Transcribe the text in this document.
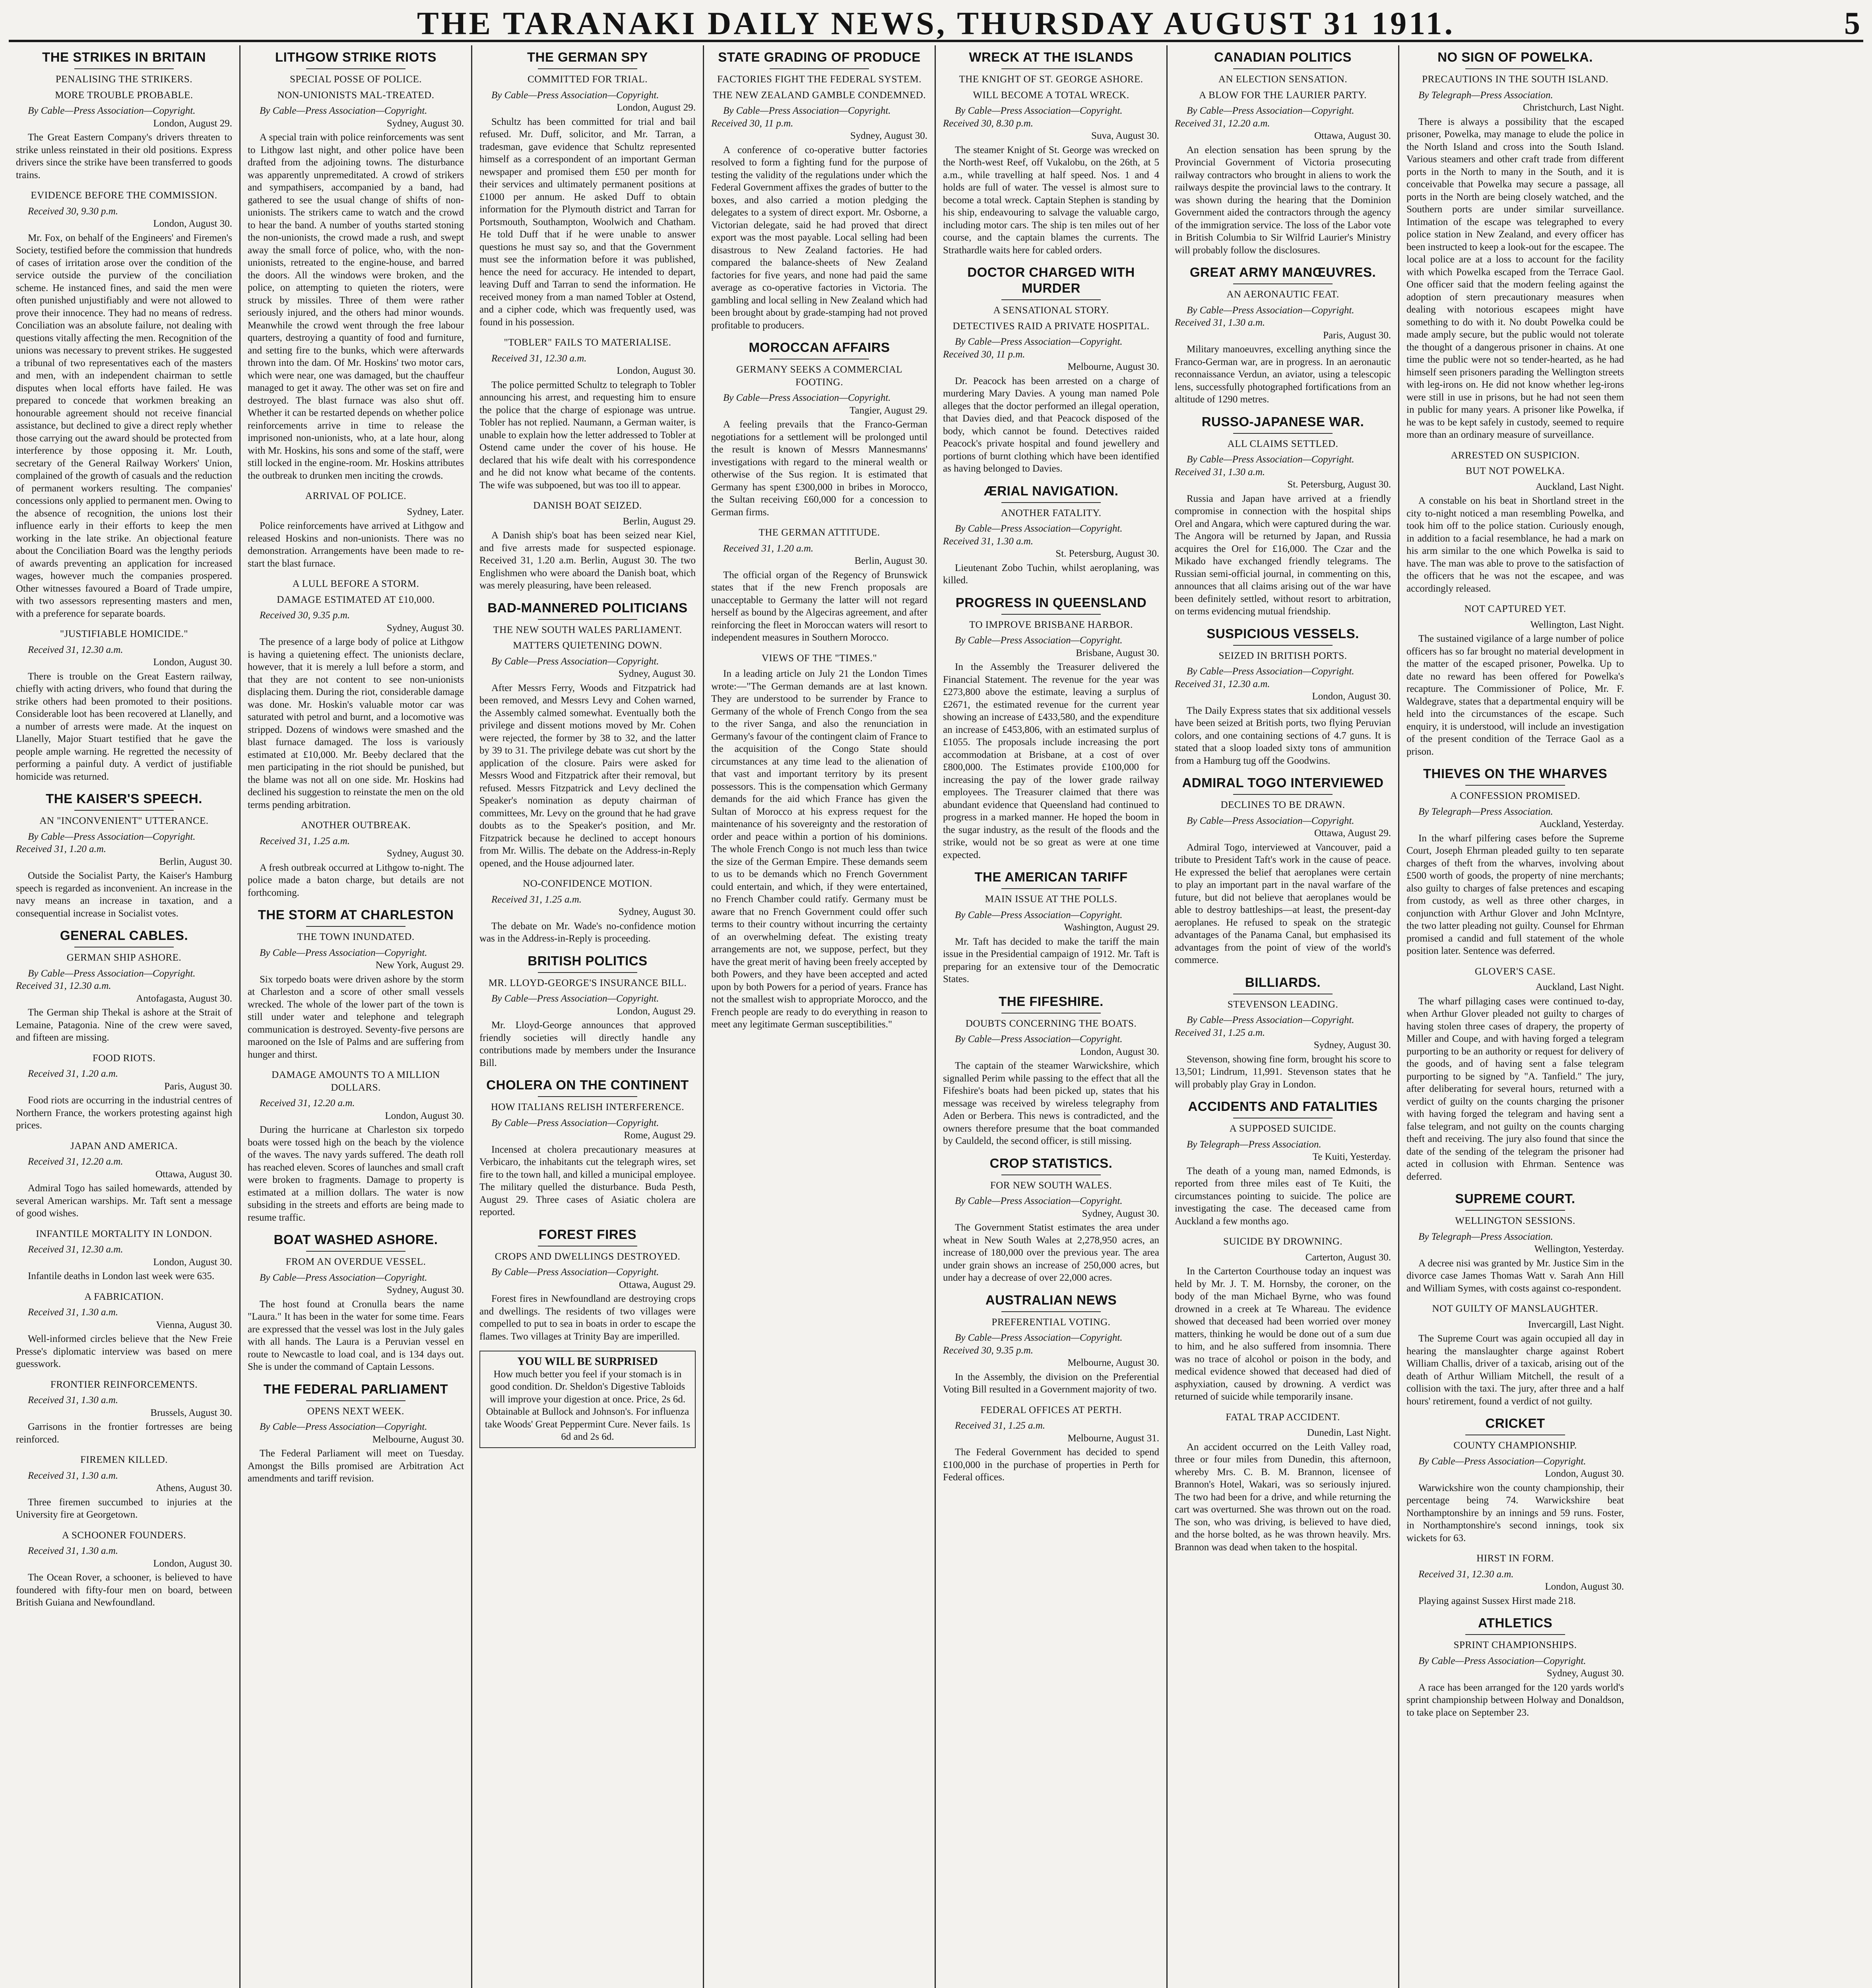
THE TARANAKI DAILY NEWS, THURSDAY AUGUST 31 1911.	5
THE STRIKES IN BRITAIN
PENALISING THE STRIKERS.
MORE TROUBLE PROBABLE.

By Cable—Press Association—Copyright.

London, August 29.

The Great Eastern Company's drivers threaten to strike unless reinstated in their old positions. Express drivers since the strike have been transferred to goods trains.

EVIDENCE BEFORE THE COMMISSION.

Received 30, 9.30 p.m.

London, August 30.

Mr. Fox, on behalf of the Engineers' and Firemen's Society, testified before the commission that hundreds of cases of irritation arose over the condition of the service outside the purview of the conciliation scheme. He instanced fines, and said the men were often punished unjustifiably and were not allowed to prove their innocence. They had no means of redress. Conciliation was an absolute failure, not dealing with questions vitally affecting the men. Recognition of the unions was necessary to prevent strikes. He suggested a tribunal of two representatives each of the masters and men, with an independent chairman to settle disputes when local efforts have failed. He was prepared to concede that workmen breaking an honourable agreement should not receive financial assistance, but declined to give a direct reply whether those carrying out the award should be protected from interference by those opposing it. Mr. Louth, secretary of the General Railway Workers' Union, complained of the growth of casuals and the reduction of permanent workers resulting. The companies' concessions only applied to permanent men. Owing to the absence of recognition, the unions lost their influence early in their efforts to keep the men working in the late strike. An objectional feature about the Conciliation Board was the lengthy periods of awards preventing an application for increased wages, however much the companies prospered. Other witnesses favoured a Board of Trade umpire, with two assessors representing masters and men, with a preference for separate boards.

"JUSTIFIABLE HOMICIDE."

Received 31, 12.30 a.m.

London, August 30.

There is trouble on the Great Eastern railway, chiefly with acting drivers, who found that during the strike others had been promoted to their positions. Considerable loot has been recovered at Llanelly, and a number of arrests were made. At the inquest on Llanelly, Major Stuart testified that he gave the people ample warning. He regretted the necessity of performing a painful duty. A verdict of justifiable homicide was returned.

THE KAISER'S SPEECH.
AN "INCONVENIENT" UTTERANCE.

By Cable—Press Association—Copyright. Received 31, 1.20 a.m.

Berlin, August 30.

Outside the Socialist Party, the Kaiser's Hamburg speech is regarded as inconvenient. An increase in the navy means an increase in taxation, and a consequential increase in Socialist votes.

GENERAL CABLES.
GERMAN SHIP ASHORE.

By Cable—Press Association—Copyright. Received 31, 12.30 a.m.

Antofagasta, August 30.

The German ship Thekal is ashore at the Strait of Lemaine, Patagonia. Nine of the crew were saved, and fifteen are missing.

FOOD RIOTS.

Received 31, 1.20 a.m.

Paris, August 30.

Food riots are occurring in the industrial centres of Northern France, the workers protesting against high prices.

JAPAN AND AMERICA.

Received 31, 12.20 a.m.

Ottawa, August 30.

Admiral Togo has sailed homewards, attended by several American warships. Mr. Taft sent a message of good wishes.

INFANTILE MORTALITY IN LONDON.

Received 31, 12.30 a.m.

London, August 30.

Infantile deaths in London last week were 635.

A FABRICATION.

Received 31, 1.30 a.m.

Vienna, August 30.

Well-informed circles believe that the New Freie Presse's diplomatic interview was based on mere guesswork.

FRONTIER REINFORCEMENTS.

Received 31, 1.30 a.m.

Brussels, August 30.

Garrisons in the frontier fortresses are being reinforced.

FIREMEN KILLED.

Received 31, 1.30 a.m.

Athens, August 30.

Three firemen succumbed to injuries at the University fire at Georgetown.

A SCHOONER FOUNDERS.

Received 31, 1.30 a.m.

London, August 30.

The Ocean Rover, a schooner, is believed to have foundered with fifty-four men on board, between British Guiana and Newfoundland.

LITHGOW STRIKE RIOTS
SPECIAL POSSE OF POLICE.
NON-UNIONISTS MAL-TREATED.

By Cable—Press Association—Copyright.

Sydney, August 30.

A special train with police reinforcements was sent to Lithgow last night, and other police have been drafted from the adjoining towns. The disturbance was apparently unpremeditated. A crowd of strikers and sympathisers, accompanied by a band, had gathered to see the usual change of shifts of non-unionists. The strikers came to watch and the crowd to hear the band. A number of youths started stoning the non-unionists, the crowd made a rush, and swept away the small force of police, who, with the non-unionists, retreated to the engine-house, and barred the doors. All the windows were broken, and the police, on attempting to quieten the rioters, were struck by missiles. Three of them were rather seriously injured, and the others had minor wounds. Meanwhile the crowd went through the free labour quarters, destroying a quantity of food and furniture, and setting fire to the bunks, which were afterwards thrown into the dam. Of Mr. Hoskins' two motor cars, which were near, one was damaged, but the chauffeur managed to get it away. The other was set on fire and destroyed. The blast furnace was also shut off. Whether it can be restarted depends on whether police reinforcements arrive in time to release the imprisoned non-unionists, who, at a late hour, along with Mr. Hoskins, his sons and some of the staff, were still locked in the engine-room. Mr. Hoskins attributes the outbreak to drunken men inciting the crowds.

ARRIVAL OF POLICE.

Sydney, Later.

Police reinforcements have arrived at Lithgow and released Hoskins and non-unionists. There was no demonstration. Arrangements have been made to re-start the blast furnace.

A LULL BEFORE A STORM.
DAMAGE ESTIMATED AT £10,000.

Received 30, 9.35 p.m.

Sydney, August 30.

The presence of a large body of police at Lithgow is having a quietening effect. The unionists declare, however, that it is merely a lull before a storm, and that they are not content to see non-unionists displacing them. During the riot, considerable damage was done. Mr. Hoskin's valuable motor car was saturated with petrol and burnt, and a locomotive was stripped. Dozens of windows were smashed and the blast furnace damaged. The loss is variously estimated at £10,000. Mr. Beeby declared that the men participating in the riot should be punished, but the blame was not all on one side. Mr. Hoskins had declined his suggestion to reinstate the men on the old terms pending arbitration.

ANOTHER OUTBREAK.

Received 31, 1.25 a.m.

Sydney, August 30.

A fresh outbreak occurred at Lithgow to-night. The police made a baton charge, but details are not forthcoming.

THE STORM AT CHARLESTON
THE TOWN INUNDATED.

By Cable—Press Association—Copyright.

New York, August 29.

Six torpedo boats were driven ashore by the storm at Charleston and a score of other small vessels wrecked. The whole of the lower part of the town is still under water and telephone and telegraph communication is destroyed. Seventy-five persons are marooned on the Isle of Palms and are suffering from hunger and thirst.

DAMAGE AMOUNTS TO A MILLION DOLLARS.

Received 31, 12.20 a.m.

London, August 30.

During the hurricane at Charleston six torpedo boats were tossed high on the beach by the violence of the waves. The navy yards suffered. The death roll has reached eleven. Scores of launches and small craft were broken to fragments. Damage to property is estimated at a million dollars. The water is now subsiding in the streets and efforts are being made to resume traffic.

BOAT WASHED ASHORE.
FROM AN OVERDUE VESSEL.

By Cable—Press Association—Copyright.

Sydney, August 30.

The host found at Cronulla bears the name "Laura." It has been in the water for some time. Fears are expressed that the vessel was lost in the July gales with all hands. The Laura is a Peruvian vessel en route to Newcastle to load coal, and is 134 days out. She is under the command of Captain Lessons.

THE FEDERAL PARLIAMENT
OPENS NEXT WEEK.

By Cable—Press Association—Copyright.

Melbourne, August 30.

The Federal Parliament will meet on Tuesday. Amongst the Bills promised are Arbitration Act amendments and tariff revision.

THE GERMAN SPY
COMMITTED FOR TRIAL.

By Cable—Press Association—Copyright.

London, August 29.

Schultz has been committed for trial and bail refused. Mr. Duff, solicitor, and Mr. Tarran, a tradesman, gave evidence that Schultz represented himself as a correspondent of an important German newspaper and promised them £50 per month for their services and ultimately permanent positions at £1000 per annum. He asked Duff to obtain information for the Plymouth district and Tarran for Portsmouth, Southampton, Woolwich and Chatham. He told Duff that if he were unable to answer questions he must say so, and that the Government must see the information before it was published, hence the need for accuracy. He intended to depart, leaving Duff and Tarran to send the information. He received money from a man named Tobler at Ostend, and a cipher code, which was frequently used, was found in his possession.

"TOBLER" FAILS TO MATERIALISE.

Received 31, 12.30 a.m.

London, August 30.

The police permitted Schultz to telegraph to Tobler announcing his arrest, and requesting him to ensure the police that the charge of espionage was untrue. Tobler has not replied. Naumann, a German waiter, is unable to explain how the letter addressed to Tobler at Ostend came under the cover of his house. He declared that his wife dealt with his correspondence and he did not know what became of the contents. The wife was subpoened, but was too ill to appear.

DANISH BOAT SEIZED.

Berlin, August 29.

A Danish ship's boat has been seized near Kiel, and five arrests made for suspected espionage. Received 31, 1.20 a.m. Berlin, August 30. The two Englishmen who were aboard the Danish boat, which was merely pleasuring, have been released.

BAD-MANNERED POLITICIANS
THE NEW SOUTH WALES PARLIAMENT.
MATTERS QUIETENING DOWN.

By Cable—Press Association—Copyright.

Sydney, August 30.

After Messrs Ferry, Woods and Fitzpatrick had been removed, and Messrs Levy and Cohen warned, the Assembly calmed somewhat. Eventually both the privilege and dissent motions moved by Mr. Cohen were rejected, the former by 38 to 32, and the latter by 39 to 31. The privilege debate was cut short by the application of the closure. Pairs were asked for Messrs Wood and Fitzpatrick after their removal, but refused. Messrs Fitzpatrick and Levy declined the Speaker's nomination as deputy chairman of committees, Mr. Levy on the ground that he had grave doubts as to the Speaker's position, and Mr. Fitzpatrick because he declined to accept honours from Mr. Willis. The debate on the Address-in-Reply opened, and the House adjourned later.

NO-CONFIDENCE MOTION.

Received 31, 1.25 a.m.

Sydney, August 30.

The debate on Mr. Wade's no-confidence motion was in the Address-in-Reply is proceeding.

BRITISH POLITICS
MR. LLOYD-GEORGE'S INSURANCE BILL.

By Cable—Press Association—Copyright.

London, August 29.

Mr. Lloyd-George announces that approved friendly societies will directly handle any contributions made by members under the Insurance Bill.

CHOLERA ON THE CONTINENT
HOW ITALIANS RELISH INTERFERENCE.

By Cable—Press Association—Copyright.

Rome, August 29.

Incensed at cholera precautionary measures at Verbicaro, the inhabitants cut the telegraph wires, set fire to the town hall, and killed a municipal employee. The military quelled the disturbance. Buda Pesth, August 29. Three cases of Asiatic cholera are reported.

FOREST FIRES
CROPS AND DWELLINGS DESTROYED.

By Cable—Press Association—Copyright.

Ottawa, August 29.

Forest fires in Newfoundland are destroying crops and dwellings. The residents of two villages were compelled to put to sea in boats in order to escape the flames. Two villages at Trinity Bay are imperilled.

YOU WILL BE SURPRISED
How much better you feel if your stomach is in good condition. Dr. Sheldon's Digestive Tabloids will improve your digestion at once. Price, 2s 6d. Obtainable at Bullock and Johnson's. For influenza take Woods' Great Peppermint Cure. Never fails. 1s 6d and 2s 6d.
STATE GRADING OF PRODUCE
FACTORIES FIGHT THE FEDERAL SYSTEM.
THE NEW ZEALAND GAMBLE CONDEMNED.

By Cable—Press Association—Copyright. Received 30, 11 p.m.

Sydney, August 30.

A conference of co-operative butter factories resolved to form a fighting fund for the purpose of testing the validity of the regulations under which the Federal Government affixes the grades of butter to the boxes, and also carried a motion pledging the delegates to a system of direct export. Mr. Osborne, a Victorian delegate, said he had proved that direct export was the most payable. Local selling had been disastrous to New Zealand factories. He had compared the balance-sheets of New Zealand factories for five years, and none had paid the same average as co-operative factories in Victoria. The gambling and local selling in New Zealand which had been brought about by grade-stamping had not proved profitable to producers.

MOROCCAN AFFAIRS
GERMANY SEEKS A COMMERCIAL FOOTING.

By Cable—Press Association—Copyright.

Tangier, August 29.

A feeling prevails that the Franco-German negotiations for a settlement will be prolonged until the result is known of Messrs Mannesmanns' investigations with regard to the mineral wealth or otherwise of the Sus region. It is estimated that Germany has spent £300,000 in bribes in Morocco, the Sultan receiving £60,000 for a concession to German firms.

THE GERMAN ATTITUDE.

Received 31, 1.20 a.m.

Berlin, August 30.

The official organ of the Regency of Brunswick states that if the new French proposals are unacceptable to Germany the latter will not regard herself as bound by the Algeciras agreement, and after reinforcing the fleet in Moroccan waters will resort to independent measures in Southern Morocco.

VIEWS OF THE "TIMES."

In a leading article on July 21 the London Times wrote:—"The German demands are at last known. They are understood to be surrender by France to Germany of the whole of French Congo from the sea to the river Sanga, and also the renunciation in Germany's favour of the contingent claim of France to the acquisition of the Congo State should circumstances at any time lead to the alienation of that vast and important territory by its present possessors. This is the compensation which Germany demands for the aid which France has given the Sultan of Morocco at his express request for the maintenance of his sovereignty and the restoration of order and peace within a portion of his dominions. The whole French Congo is not much less than twice the size of the German Empire. These demands seem to us to be demands which no French Government could entertain, and which, if they were entertained, no French Chamber could ratify. Germany must be aware that no French Government could offer such terms to their country without incurring the certainty of an overwhelming defeat. The existing treaty arrangements are not, we suppose, perfect, but they have the great merit of having been freely accepted by both Powers, and they have been accepted and acted upon by both Powers for a period of years. France has not the smallest wish to appropriate Morocco, and the French people are ready to do everything in reason to meet any legitimate German susceptibilities."

WRECK AT THE ISLANDS
THE KNIGHT OF ST. GEORGE ASHORE.
WILL BECOME A TOTAL WRECK.

By Cable—Press Association—Copyright. Received 30, 8.30 p.m.

Suva, August 30.

The steamer Knight of St. George was wrecked on the North-west Reef, off Vukalobu, on the 26th, at 5 a.m., while travelling at half speed. Nos. 1 and 4 holds are full of water. The vessel is almost sure to become a total wreck. Captain Stephen is standing by his ship, endeavouring to salvage the valuable cargo, including motor cars. The ship is ten miles out of her course, and the captain blames the currents. The Strathardle waits here for cabled orders.

DOCTOR CHARGED WITH MURDER
A SENSATIONAL STORY.
DETECTIVES RAID A PRIVATE HOSPITAL.

By Cable—Press Association—Copyright. Received 30, 11 p.m.

Melbourne, August 30.

Dr. Peacock has been arrested on a charge of murdering Mary Davies. A young man named Pole alleges that the doctor performed an illegal operation, that Davies died, and that Peacock disposed of the body, which cannot be found. Detectives raided Peacock's private hospital and found jewellery and portions of burnt clothing which have been identified as having belonged to Davies.

ÆRIAL NAVIGATION.
ANOTHER FATALITY.

By Cable—Press Association—Copyright. Received 31, 1.30 a.m.

St. Petersburg, August 30.

Lieutenant Zobo Tuchin, whilst aeroplaning, was killed.

PROGRESS IN QUEENSLAND
TO IMPROVE BRISBANE HARBOR.

By Cable—Press Association—Copyright.

Brisbane, August 30.

In the Assembly the Treasurer delivered the Financial Statement. The revenue for the year was £273,800 above the estimate, leaving a surplus of £2671, the estimated revenue for the current year showing an increase of £433,580, and the expenditure an increase of £453,806, with an estimated surplus of £1055. The proposals include increasing the port accommodation at Brisbane, at a cost of over £800,000. The Estimates provide £100,000 for increasing the pay of the lower grade railway employees. The Treasurer claimed that there was abundant evidence that Queensland had continued to progress in a marked manner. He hoped the boom in the sugar industry, as the result of the floods and the strike, would not be so great as were at one time expected.

THE AMERICAN TARIFF
MAIN ISSUE AT THE POLLS.

By Cable—Press Association—Copyright.

Washington, August 29.

Mr. Taft has decided to make the tariff the main issue in the Presidential campaign of 1912. Mr. Taft is preparing for an extensive tour of the Democratic States.

THE FIFESHIRE.
DOUBTS CONCERNING THE BOATS.

By Cable—Press Association—Copyright.

London, August 30.

The captain of the steamer Warwickshire, which signalled Perim while passing to the effect that all the Fifeshire's boats had been picked up, states that his message was received by wireless telegraphy from Aden or Berbera. This news is contradicted, and the owners therefore presume that the boat commanded by Cauldeld, the second officer, is still missing.

CROP STATISTICS.
FOR NEW SOUTH WALES.

By Cable—Press Association—Copyright.

Sydney, August 30.

The Government Statist estimates the area under wheat in New South Wales at 2,278,950 acres, an increase of 180,000 over the previous year. The area under grain shows an increase of 250,000 acres, but under hay a decrease of over 22,000 acres.

AUSTRALIAN NEWS
PREFERENTIAL VOTING.

By Cable—Press Association—Copyright. Received 30, 9.35 p.m.

Melbourne, August 30.

In the Assembly, the division on the Preferential Voting Bill resulted in a Government majority of two.

FEDERAL OFFICES AT PERTH.

Received 31, 1.25 a.m.

Melbourne, August 31.

The Federal Government has decided to spend £100,000 in the purchase of properties in Perth for Federal offices.

CANADIAN POLITICS
AN ELECTION SENSATION.
A BLOW FOR THE LAURIER PARTY.

By Cable—Press Association—Copyright. Received 31, 12.20 a.m.

Ottawa, August 30.

An election sensation has been sprung by the Provincial Government of Victoria prosecuting railway contractors who brought in aliens to work the railways despite the provincial laws to the contrary. It was shown during the hearing that the Dominion Government aided the contractors through the agency of the immigration service. The loss of the Labor vote in British Columbia to Sir Wilfrid Laurier's Ministry will probably follow the disclosures.

GREAT ARMY MANŒUVRES.
AN AERONAUTIC FEAT.

By Cable—Press Association—Copyright. Received 31, 1.30 a.m.

Paris, August 30.

Military manoeuvres, excelling anything since the Franco-German war, are in progress. In an aeronautic reconnaissance Verdun, an aviator, using a telescopic lens, successfully photographed fortifications from an altitude of 1290 metres.

RUSSO-JAPANESE WAR.
ALL CLAIMS SETTLED.

By Cable—Press Association—Copyright. Received 31, 1.30 a.m.

St. Petersburg, August 30.

Russia and Japan have arrived at a friendly compromise in connection with the hospital ships Orel and Angara, which were captured during the war. The Angora will be returned by Japan, and Russia acquires the Orel for £16,000. The Czar and the Mikado have exchanged friendly telegrams. The Russian semi-official journal, in commenting on this, announces that all claims arising out of the war have been definitely settled, without resort to arbitration, on terms evidencing mutual friendship.

SUSPICIOUS VESSELS.
SEIZED IN BRITISH PORTS.

By Cable—Press Association—Copyright. Received 31, 12.30 a.m.

London, August 30.

The Daily Express states that six additional vessels have been seized at British ports, two flying Peruvian colors, and one containing sections of 4.7 guns. It is stated that a sloop loaded sixty tons of ammunition from a Hamburg tug off the Goodwins.

ADMIRAL TOGO INTERVIEWED
DECLINES TO BE DRAWN.

By Cable—Press Association—Copyright.

Ottawa, August 29.

Admiral Togo, interviewed at Vancouver, paid a tribute to President Taft's work in the cause of peace. He expressed the belief that aeroplanes were certain to play an important part in the naval warfare of the future, but did not believe that aeroplanes would be able to destroy battleships—at least, the present-day aeroplanes. He refused to speak on the strategic advantages of the Panama Canal, but emphasised its advantages from the point of view of the world's commerce.

BILLIARDS.
STEVENSON LEADING.

By Cable—Press Association—Copyright. Received 31, 1.25 a.m.

Sydney, August 30.

Stevenson, showing fine form, brought his score to 13,501; Lindrum, 11,991. Stevenson states that he will probably play Gray in London.

ACCIDENTS AND FATALITIES
A SUPPOSED SUICIDE.

By Telegraph—Press Association.

Te Kuiti, Yesterday.

The death of a young man, named Edmonds, is reported from three miles east of Te Kuiti, the circumstances pointing to suicide. The police are investigating the case. The deceased came from Auckland a few months ago.

SUICIDE BY DROWNING.

Carterton, August 30.

In the Carterton Courthouse today an inquest was held by Mr. J. T. M. Hornsby, the coroner, on the body of the man Michael Byrne, who was found drowned in a creek at Te Whareau. The evidence showed that deceased had been worried over money matters, thinking he would be done out of a sum due to him, and he also suffered from insomnia. There was no trace of alcohol or poison in the body, and medical evidence showed that deceased had died of asphyxiation, caused by drowning. A verdict was returned of suicide while temporarily insane.

FATAL TRAP ACCIDENT.

Dunedin, Last Night.

An accident occurred on the Leith Valley road, three or four miles from Dunedin, this afternoon, whereby Mrs. C. B. M. Brannon, licensee of Brannon's Hotel, Wakari, was so seriously injured. The two had been for a drive, and while returning the cart was overturned. She was thrown out on the road. The son, who was driving, is believed to have died, and the horse bolted, as he was thrown heavily. Mrs. Brannon was dead when taken to the hospital.

NO SIGN OF POWELKA.
PRECAUTIONS IN THE SOUTH ISLAND.

By Telegraph—Press Association.

Christchurch, Last Night.

There is always a possibility that the escaped prisoner, Powelka, may manage to elude the police in the North Island and cross into the South Island. Various steamers and other craft trade from different ports in the North to many in the South, and it is conceivable that Powelka may secure a passage, all ports in the North are being closely watched, and the Southern ports are under similar surveillance. Intimation of the escape was telegraphed to every police station in New Zealand, and every officer has been instructed to keep a look-out for the escapee. The local police are at a loss to account for the facility with which Powelka escaped from the Terrace Gaol. One officer said that the modern feeling against the adoption of stern precautionary measures when dealing with notorious escapees might have something to do with it. No doubt Powelka could be made amply secure, but the public would not tolerate the thought of a dangerous prisoner in chains. At one time the public were not so tender-hearted, as he had himself seen prisoners parading the Wellington streets with leg-irons on. He did not know whether leg-irons were still in use in prisons, but he had not seen them in public for many years. A prisoner like Powelka, if he was to be kept safely in custody, seemed to require more than an ordinary measure of surveillance.

ARRESTED ON SUSPICION.
BUT NOT POWELKA.

Auckland, Last Night.

A constable on his beat in Shortland street in the city to-night noticed a man resembling Powelka, and took him off to the police station. Curiously enough, in addition to a facial resemblance, he had a mark on his arm similar to the one which Powelka is said to have. The man was able to prove to the satisfaction of the officers that he was not the escapee, and was accordingly released.

NOT CAPTURED YET.

Wellington, Last Night.

The sustained vigilance of a large number of police officers has so far brought no material development in the matter of the escaped prisoner, Powelka. Up to date no reward has been offered for Powelka's recapture. The Commissioner of Police, Mr. F. Waldegrave, states that a departmental enquiry will be held into the circumstances of the escape. Such enquiry, it is understood, will include an investigation of the present condition of the Terrace Gaol as a prison.

THIEVES ON THE WHARVES
A CONFESSION PROMISED.

By Telegraph—Press Association.

Auckland, Yesterday.

In the wharf pilfering cases before the Supreme Court, Joseph Ehrman pleaded guilty to ten separate charges of theft from the wharves, involving about £500 worth of goods, the property of nine merchants; also guilty to charges of false pretences and escaping from custody, as well as three other charges, in conjunction with Arthur Glover and John McIntyre, the two latter pleading not guilty. Counsel for Ehrman promised a candid and full statement of the whole position later. Sentence was deferred.

GLOVER'S CASE.

Auckland, Last Night.

The wharf pillaging cases were continued to-day, when Arthur Glover pleaded not guilty to charges of having stolen three cases of drapery, the property of Miller and Coupe, and with having forged a telegram purporting to be an authority or request for delivery of the goods, and of having sent a false telegram purporting to be signed by "A. Tanfield." The jury, after deliberating for several hours, returned with a verdict of guilty on the counts charging the prisoner with having forged the telegram and having sent a false telegram, and not guilty on the counts charging theft and receiving. The jury also found that since the date of the sending of the telegram the prisoner had acted in collusion with Ehrman. Sentence was deferred.

SUPREME COURT.
WELLINGTON SESSIONS.

By Telegraph—Press Association.

Wellington, Yesterday.

A decree nisi was granted by Mr. Justice Sim in the divorce case James Thomas Watt v. Sarah Ann Hill and William Symes, with costs against co-respondent.

NOT GUILTY OF MANSLAUGHTER.

Invercargill, Last Night.

The Supreme Court was again occupied all day in hearing the manslaughter charge against Robert William Challis, driver of a taxicab, arising out of the death of Arthur William Mitchell, the result of a collision with the taxi. The jury, after three and a half hours' retirement, found a verdict of not guilty.

CRICKET
COUNTY CHAMPIONSHIP.

By Cable—Press Association—Copyright.

London, August 30.

Warwickshire won the county championship, their percentage being 74. Warwickshire beat Northamptonshire by an innings and 59 runs. Foster, in Northamptonshire's second innings, took six wickets for 63.

HIRST IN FORM.

Received 31, 12.30 a.m.

London, August 30.

Playing against Sussex Hirst made 218.

ATHLETICS
SPRINT CHAMPIONSHIPS.

By Cable—Press Association—Copyright.

Sydney, August 30.

A race has been arranged for the 120 yards world's sprint championship between Holway and Donaldson, to take place on September 23.
